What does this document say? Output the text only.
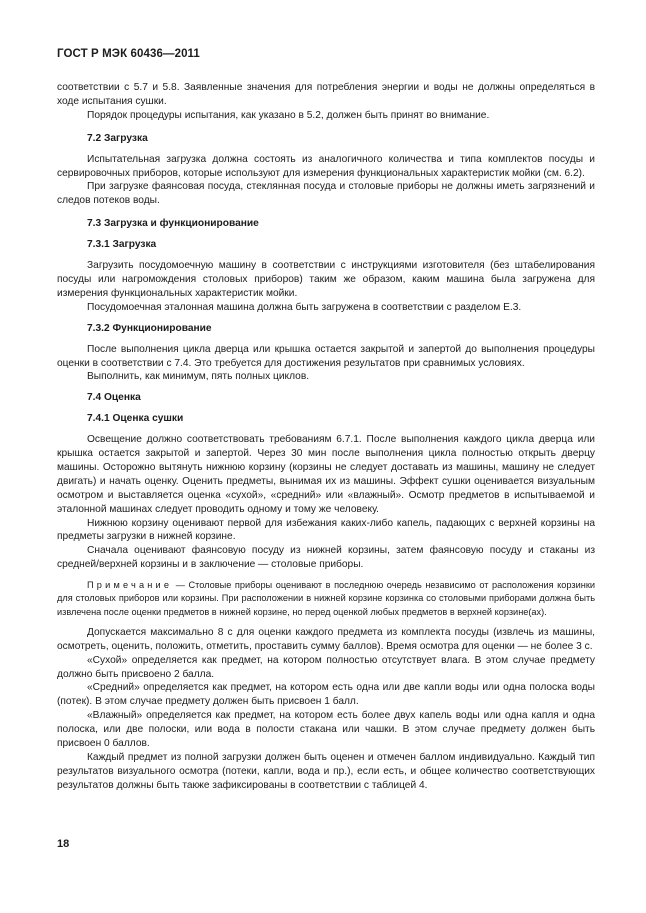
ГОСТ Р МЭК 60436—2011

соответствии с 5.7 и 5.8. Заявленные значения для потребления энергии и воды не должны определяться в ходе испытания сушки.

Порядок процедуры испытания, как указано в 5.2, должен быть принят во внимание.

7.2 Загрузка

Испытательная загрузка должна состоять из аналогичного количества и типа комплектов посуды и сервировочных приборов, которые используют для измерения функциональных характеристик мойки (см. 6.2).

При загрузке фаянсовая посуда, стеклянная посуда и столовые приборы не должны иметь загрязнений и следов потеков воды.

7.3 Загрузка и функционирование

7.3.1 Загрузка

Загрузить посудомоечную машину в соответствии с инструкциями изготовителя (без штабелирования посуды или нагромождения столовых приборов) таким же образом, каким машина была загружена для измерения функциональных характеристик мойки.

Посудомоечная эталонная машина должна быть загружена в соответствии с разделом Е.3.

7.3.2 Функционирование

После выполнения цикла дверца или крышка остается закрытой и запертой до выполнения процедуры оценки в соответствии с 7.4. Это требуется для достижения результатов при сравнимых условиях.

Выполнить, как минимум, пять полных циклов.

7.4 Оценка

7.4.1 Оценка сушки

Освещение должно соответствовать требованиям 6.7.1. После выполнения каждого цикла дверца или крышка остается закрытой и запертой. Через 30 мин после выполнения цикла полностью открыть дверцу машины. Осторожно вытянуть нижнюю корзину (корзины не следует доставать из машины, машину не следует двигать) и начать оценку. Оценить предметы, вынимая их из машины. Эффект сушки оценивается визуальным осмотром и выставляется оценка «сухой», «средний» или «влажный». Осмотр предметов в испытываемой и эталонной машинах следует проводить одному и тому же человеку.

Нижнюю корзину оценивают первой для избежания каких-либо капель, падающих с верхней корзины на предметы загрузки в нижней корзине.

Сначала оценивают фаянсовую посуду из нижней корзины, затем фаянсовую посуду и стаканы из средней/верхней корзины и в заключение — столовые приборы.

Примечание — Столовые приборы оценивают в последнюю очередь независимо от расположения корзинки для столовых приборов или корзины. При расположении в нижней корзине корзинка со столовыми приборами должна быть извлечена после оценки предметов в нижней корзине, но перед оценкой любых предметов в верхней корзине(ах).

Допускается максимально 8 с для оценки каждого предмета из комплекта посуды (извлечь из машины, осмотреть, оценить, положить, отметить, проставить сумму баллов). Время осмотра для оценки — не более 3 с.

«Сухой» определяется как предмет, на котором полностью отсутствует влага. В этом случае предмету должно быть присвоено 2 балла.

«Средний» определяется как предмет, на котором есть одна или две капли воды или одна полоска воды (потек). В этом случае предмету должен быть присвоен 1 балл.

«Влажный» определяется как предмет, на котором есть более двух капель воды или одна капля и одна полоска, или две полоски, или вода в полости стакана или чашки. В этом случае предмету должен быть присвоен 0 баллов.

Каждый предмет из полной загрузки должен быть оценен и отмечен баллом индивидуально. Каждый тип результатов визуального осмотра (потеки, капли, вода и пр.), если есть, и общее количество соответствующих результатов должны быть также зафиксированы в соответствии с таблицей 4.

18
